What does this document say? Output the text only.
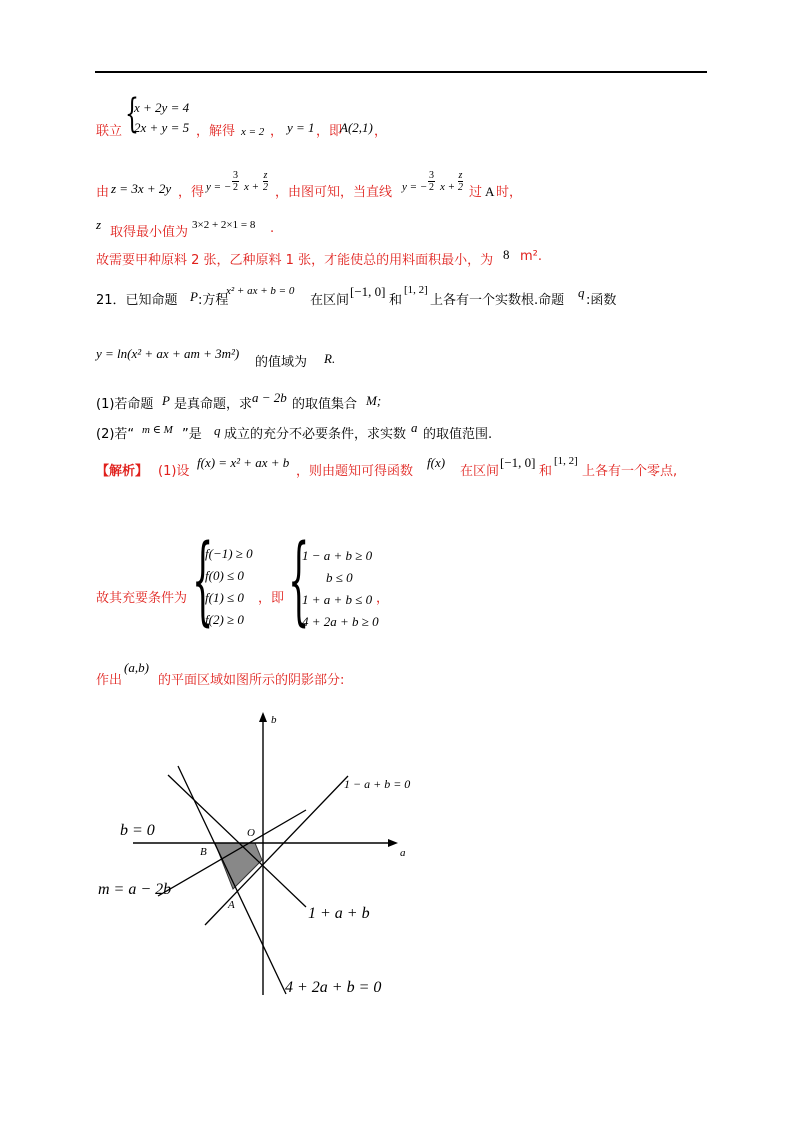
联立 {
x + 2y = 4
2x + y = 5 ，解得 x = 2 ， y = 1 ，即
A(2,1) ，
由 z = 3x + 2y ，得 y = − $\frac{3}{2}$ $x + \frac{z}{2}$ ，由图可知，当直线 y = − $\frac{3}{2}$ $x + \frac{z}{2}$ 过 A 时，
z
取得最小值为 3×2 + 2×1 = 8 .
故需要甲种原料 2 张，乙种原料 1 张，才能使总的用料面积最小，为 8 m².
21．已知命题 P :方程
x² + ax + b = 0
在区间
[−1, 0]
和
[1, 2]
上各有一个实数根.命题
q
:函数
y = ln(x² + ax + am + 3m²)
的值域为 R.
(1)若命题 P 是真命题，求 a − 2b 的取值集合 M;
(2)若“ m ∈ M ”是 q 成立的充分不必要条件，求实数 a 的取值范围.
【解析】 (1)设
f(x) = x² + ax + b
，则由题知可得函数
f(x)
在区间
[−1, 0]
和
[1, 2]
上各有一个零点,
故其充要条件为 {
f(−1) ≥ 0
f(0) ≤ 0
f(1) ≤ 0
f(2) ≥ 0
，即 {
1 − a + b ≥ 0
b ≤ 0
1 + a + b ≤ 0
4 + 2a + b ≥ 0
，
作出
(a,b)
的平面区域如图所示的阴影部分:
b
a
O
B
A
b = 0
m = a − 2b
1 − a + b = 0
1 + a + b
4 + 2a + b = 0
